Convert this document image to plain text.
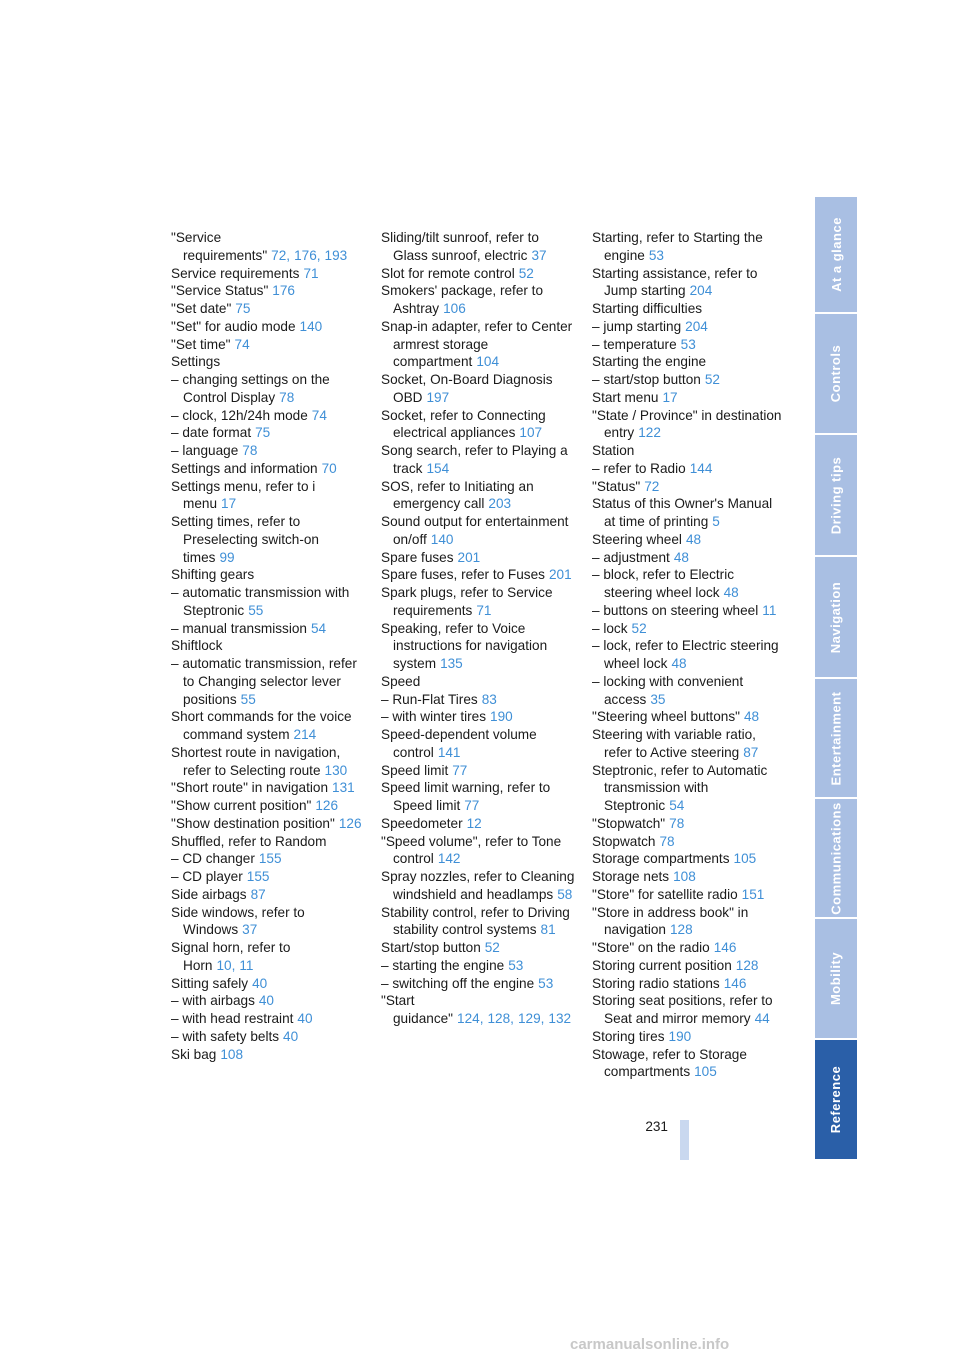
"Service requirements" 72, 176, 193
Service requirements 71
"Service Status" 176
"Set date" 75
"Set" for audio mode 140
"Set time" 74
Settings
– changing settings on the Control Display 78
– clock, 12h/24h mode 74
– date format 75
– language 78
Settings and information 70
Settings menu, refer to i menu 17
Setting times, refer to Preselecting switch-on times 99
Shifting gears
– automatic transmission with Steptronic 55
– manual transmission 54
Shiftlock
– automatic transmission, refer to Changing selector lever positions 55
Short commands for the voice command system 214
Shortest route in navigation, refer to Selecting route 130
"Short route" in navigation 131
"Show current position" 126
"Show destination position" 126
Shuffled, refer to Random
– CD changer 155
– CD player 155
Side airbags 87
Side windows, refer to Windows 37
Signal horn, refer to Horn 10, 11
Sitting safely 40
– with airbags 40
– with head restraint 40
– with safety belts 40
Ski bag 108
Sliding/tilt sunroof, refer to Glass sunroof, electric 37
Slot for remote control 52
Smokers' package, refer to Ashtray 106
Snap-in adapter, refer to Center armrest storage compartment 104
Socket, On-Board Diagnosis OBD 197
Socket, refer to Connecting electrical appliances 107
Song search, refer to Playing a track 154
SOS, refer to Initiating an emergency call 203
Sound output for entertainment on/off 140
Spare fuses 201
Spare fuses, refer to Fuses 201
Spark plugs, refer to Service requirements 71
Speaking, refer to Voice instructions for navigation system 135
Speed
– Run-Flat Tires 83
– with winter tires 190
Speed-dependent volume control 141
Speed limit 77
Speed limit warning, refer to Speed limit 77
Speedometer 12
"Speed volume", refer to Tone control 142
Spray nozzles, refer to Cleaning windshield and headlamps 58
Stability control, refer to Driving stability control systems 81
Start/stop button 52
– starting the engine 53
– switching off the engine 53
"Start guidance" 124, 128, 129, 132
Starting, refer to Starting the engine 53
Starting assistance, refer to Jump starting 204
Starting difficulties
– jump starting 204
– temperature 53
Starting the engine
– start/stop button 52
Start menu 17
"State / Province" in destination entry 122
Station
– refer to Radio 144
"Status" 72
Status of this Owner's Manual at time of printing 5
Steering wheel 48
– adjustment 48
– block, refer to Electric steering wheel lock 48
– buttons on steering wheel 11
– lock 52
– lock, refer to Electric steering wheel lock 48
– locking with convenient access 35
"Steering wheel buttons" 48
Steering with variable ratio, refer to Active steering 87
Steptronic, refer to Automatic transmission with Steptronic 54
"Stopwatch" 78
Stopwatch 78
Storage compartments 105
Storage nets 108
"Store" for satellite radio 151
"Store in address book" in navigation 128
"Store" on the radio 146
Storing current position 128
Storing radio stations 146
Storing seat positions, refer to Seat and mirror memory 44
Storing tires 190
Stowage, refer to Storage compartments 105
231
At a glance
Controls
Driving tips
Navigation
Entertainment
Communications
Mobility
Reference
carmanualsonline.info
